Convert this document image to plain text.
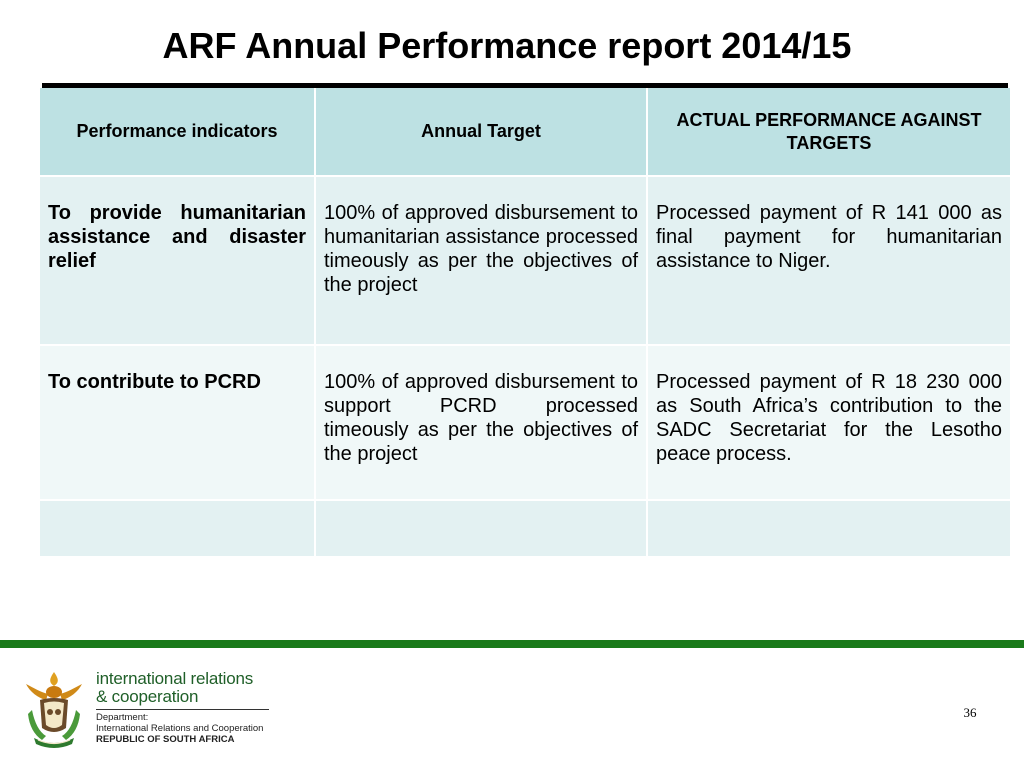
ARF Annual Performance report 2014/15
Performance indicators	Annual Target	ACTUAL PERFORMANCE AGAINST TARGETS
To provide humanitarian assistance and disaster relief	100% of approved disbursement to humanitarian assistance processed timeously as per the objectives of the project	Processed payment of R 141 000 as final payment for humanitarian assistance to Niger.
To contribute to PCRD	100% of approved disbursement to support PCRD processed timeously as per the objectives of the project	Processed payment of R 18 230 000 as South Africa’s contribution to the SADC Secretariat for the Lesotho peace process.

international relations
& cooperation
Department:
International Relations and Cooperation
REPUBLIC OF SOUTH AFRICA
36
